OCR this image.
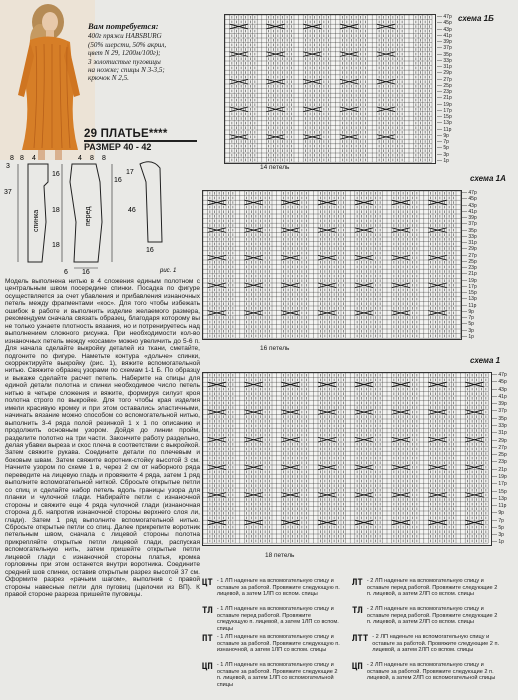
Вам потребуется:
400г пряжи HABSBURG
(50% шерсти, 50% акрил,
цвет N 29, 1200м/100г);
3 золотистые пуговицы
на ножке; спицы N 3-3,5;
крючок N 2,5.
29 ПЛАТЬЕ****
РАЗМЕР 40 - 42
8 8 4	4 8 8
3
37
16
18
18
16
17
46
16
6 16
спинка	перед
рис. 1
Модель выполнена нитью в 4 сложения единым полотном с центральным швом посередине спинки. Посадка по фигуре осуществляется за счет убавления и прибавления изнаночных петель между фрагментами «кос». Для того чтобы избежать ошибок в работе и выполнить изделие желаемого размера, рекомендуем сначала связать образец, благодаря которому вы не только узнаете плотность вязания, но и потренируетесь над выполнением сложного рисунка. При необходимости кол-во изнаночных петель между «косами» можно увеличить до 5-6 п. Для начала сделайте выкройку деталей из ткани, сметайте, подгоните по фигуре. Наметьте контура «дольче» спинки, скорректируйте выкройку (рис. 1), вяжите вспомогательной нитью. Свяжите образец узорами по схемам 1-1 Б. По образцу и выкаже сделайте расчет петель. Наберите на спицы для единой детали полотна и спинки необходимое число петель нитью в четыре сложения и вяжите, формируя силуэт кроя полотна строго по выкройке. Для того чтобы края изделия имели красивую кромку и при этом оставались эластичными, начинать вязание можно способом со вспомогательной нитью, выполнить 3-4 ряда полой резинкой 1 x 1 по описанию и продолжить основным узором. Дойдя до линии пройм, разделите полотно на три части. Закончите работу раздельно, делая убавки выреза и скос плеча в соответствии с выкройкой. Затем свяжите рукава. Соедините детали по плечевым и боковым швам. Затем свяжите воротник-стойку высотой 3 см. Начните узором по схеме 1 в, через 2 см от наборного ряда переведите на лицевую гладь и провяжите 4 ряда, затем 1 ряд выполните вспомогательной ниткой. Сбросьте открытые петли со спиц и сделайте набор петель вдоль границы узора для планки и чулочной глади. Набирайте петли с изнаночной стороны и свяжите еще 4 ряда чулочной глади (изнаночная сторона д.б. напротив изнаночной стороны верхнего слоя ли, глади). Затем 1 ряд выполните вспомогательной нитью. Сбросьте открытые петли со спиц. Далее прикрепите воротник петельным швом, сначала с лицевой стороны полотна прикрепляйте открытые петли лицевой глади, распуская вспомогательную нить, затем пришейте открытые петли лицевой глади с изнаночной стороны платья, кромка горловины при этом останется внутри воротника. Соедините средний шов спинки, оставив открытым разрез высотой 37 см. Оформите разрез «рачьим шагом», выполнив с правой стороны навесные петли для пуговиц (щелочки из ВП). К правой стороне разреза пришейте пуговицы.
схема 1Б
— 47р
— 45р
— 43р
— 41р
— 39р
— 37р
— 35р
— 33р
— 31р
— 29р
— 27р
— 25р
— 23р
— 21р
— 19р
— 17р
— 15р
— 13р
— 11р
— 9р
— 7р
— 5р
— 3р
— 1р
14 петель
схема 1А
— 47р
— 45р
— 43р
— 41р
— 39р
— 37р
— 35р
— 33р
— 31р
— 29р
— 27р
— 25р
— 23р
— 21р
— 19р
— 17р
— 15р
— 13р
— 11р
— 9р
— 7р
— 5р
— 3р
— 1р
16 петель
схема 1
— 47р
— 45р
— 43р
— 41р
— 39р
— 37р
— 35р
— 33р
— 31р
— 29р
— 27р
— 25р
— 23р
— 21р
— 19р
— 17р
— 15р
— 13р
— 11р
— 9р
— 7р
— 5р
— 3р
— 1р
18 петель
ЦТ - 1 ЛП наденьте на вспомогательную спицу и оставьте за работой. Провяжите следующую п. лицевой, а затем 1ЛП со вспом. спицы
ТЛ - 1 ЛП наденьте на вспомогательную спицу и оставьте перед работой. Провяжите следующую п. лицевой, а затем 1ЛП со вспом. спицы
ПТ - 1 ЛП наденьте на вспомогательную спицу и оставьте за работой. Провяжите следующую п. изнаночной, а затем 1ЛП со вспом. спицы
ЦП - 1 ЛП наденьте на вспомогательную спицу и оставьте за работой. Провяжите следующие 2 п. лицевой, а затем 1ЛП со вспомогательной спицы
ЛТ - 2 ЛП наденьте на вспомогательную спицу и оставьте перед работой. Провяжите следующие 2 п. лицевой, а затем 2ЛП со вспом. спицы
ТЛ - 2 ЛП наденьте на вспомогательную спицу и оставьте перед работой. Провяжите следующие 2 п. лицевой, а затем 2ЛП со вспом. спицы
ЛТТ - 2 ЛП наденьте на вспомогательную спицу и оставьте за работой. Провяжите следующие 2 п. лицевой, а затем 2ЛП со вспом. спицы
ЦП - 2 ЛП наденьте на вспомогательную спицу и оставьте за работой. Провяжите следующие 2 п. лицевой, а затем 2ЛП со вспомогательной спицы
